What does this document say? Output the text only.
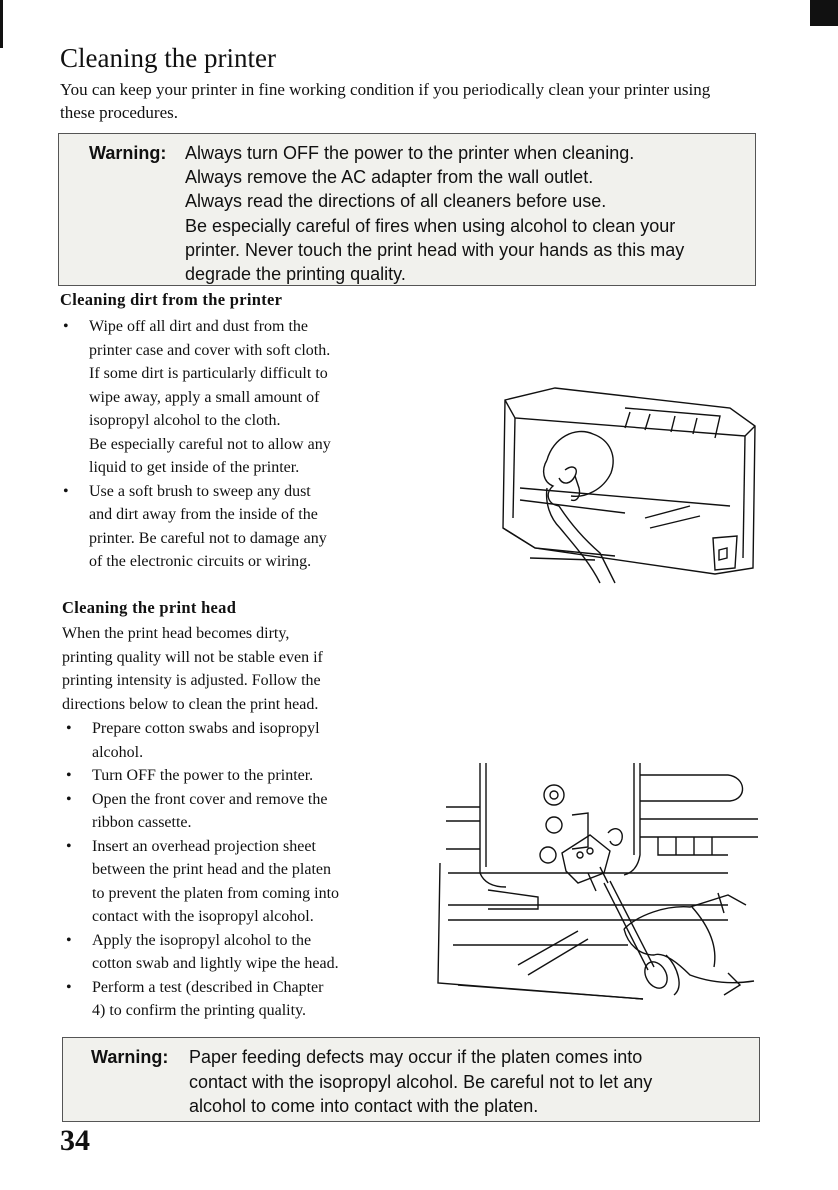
Cleaning the printer
You can keep your printer in fine working condition if you periodically clean your printer using these procedures.
Warning: Always turn OFF the power to the printer when cleaning.
Always remove the AC adapter from the wall outlet.
Always read the directions of all cleaners before use.
Be especially careful of fires when using alcohol to clean your
printer. Never touch the print head with your hands as this may
degrade the printing quality.
Cleaning dirt from the printer
• Wipe off all dirt and dust from the
printer case and cover with soft cloth.
If some dirt is particularly difficult to
wipe away, apply a small amount of
isopropyl alcohol to the cloth.
Be especially careful not to allow any
liquid to get inside of the printer.
• Use a soft brush to sweep any dust
and dirt away from the inside of the
printer. Be careful not to damage any
of the electronic circuits or wiring.
Cleaning the print head
When the print head becomes dirty,
printing quality will not be stable even if
printing intensity is adjusted. Follow the
directions below to clean the print head.
• Prepare cotton swabs and isopropyl
alcohol.
• Turn OFF the power to the printer.
• Open the front cover and remove the
ribbon cassette.
• Insert an overhead projection sheet
between the print head and the platen
to prevent the platen from coming into
contact with the isopropyl alcohol.
• Apply the isopropyl alcohol to the
cotton swab and lightly wipe the head.
• Perform a test (described in Chapter
4) to confirm the printing quality.
Warning: Paper feeding defects may occur if the platen comes into
contact with the isopropyl alcohol. Be careful not to let any
alcohol to come into contact with the platen.
34
